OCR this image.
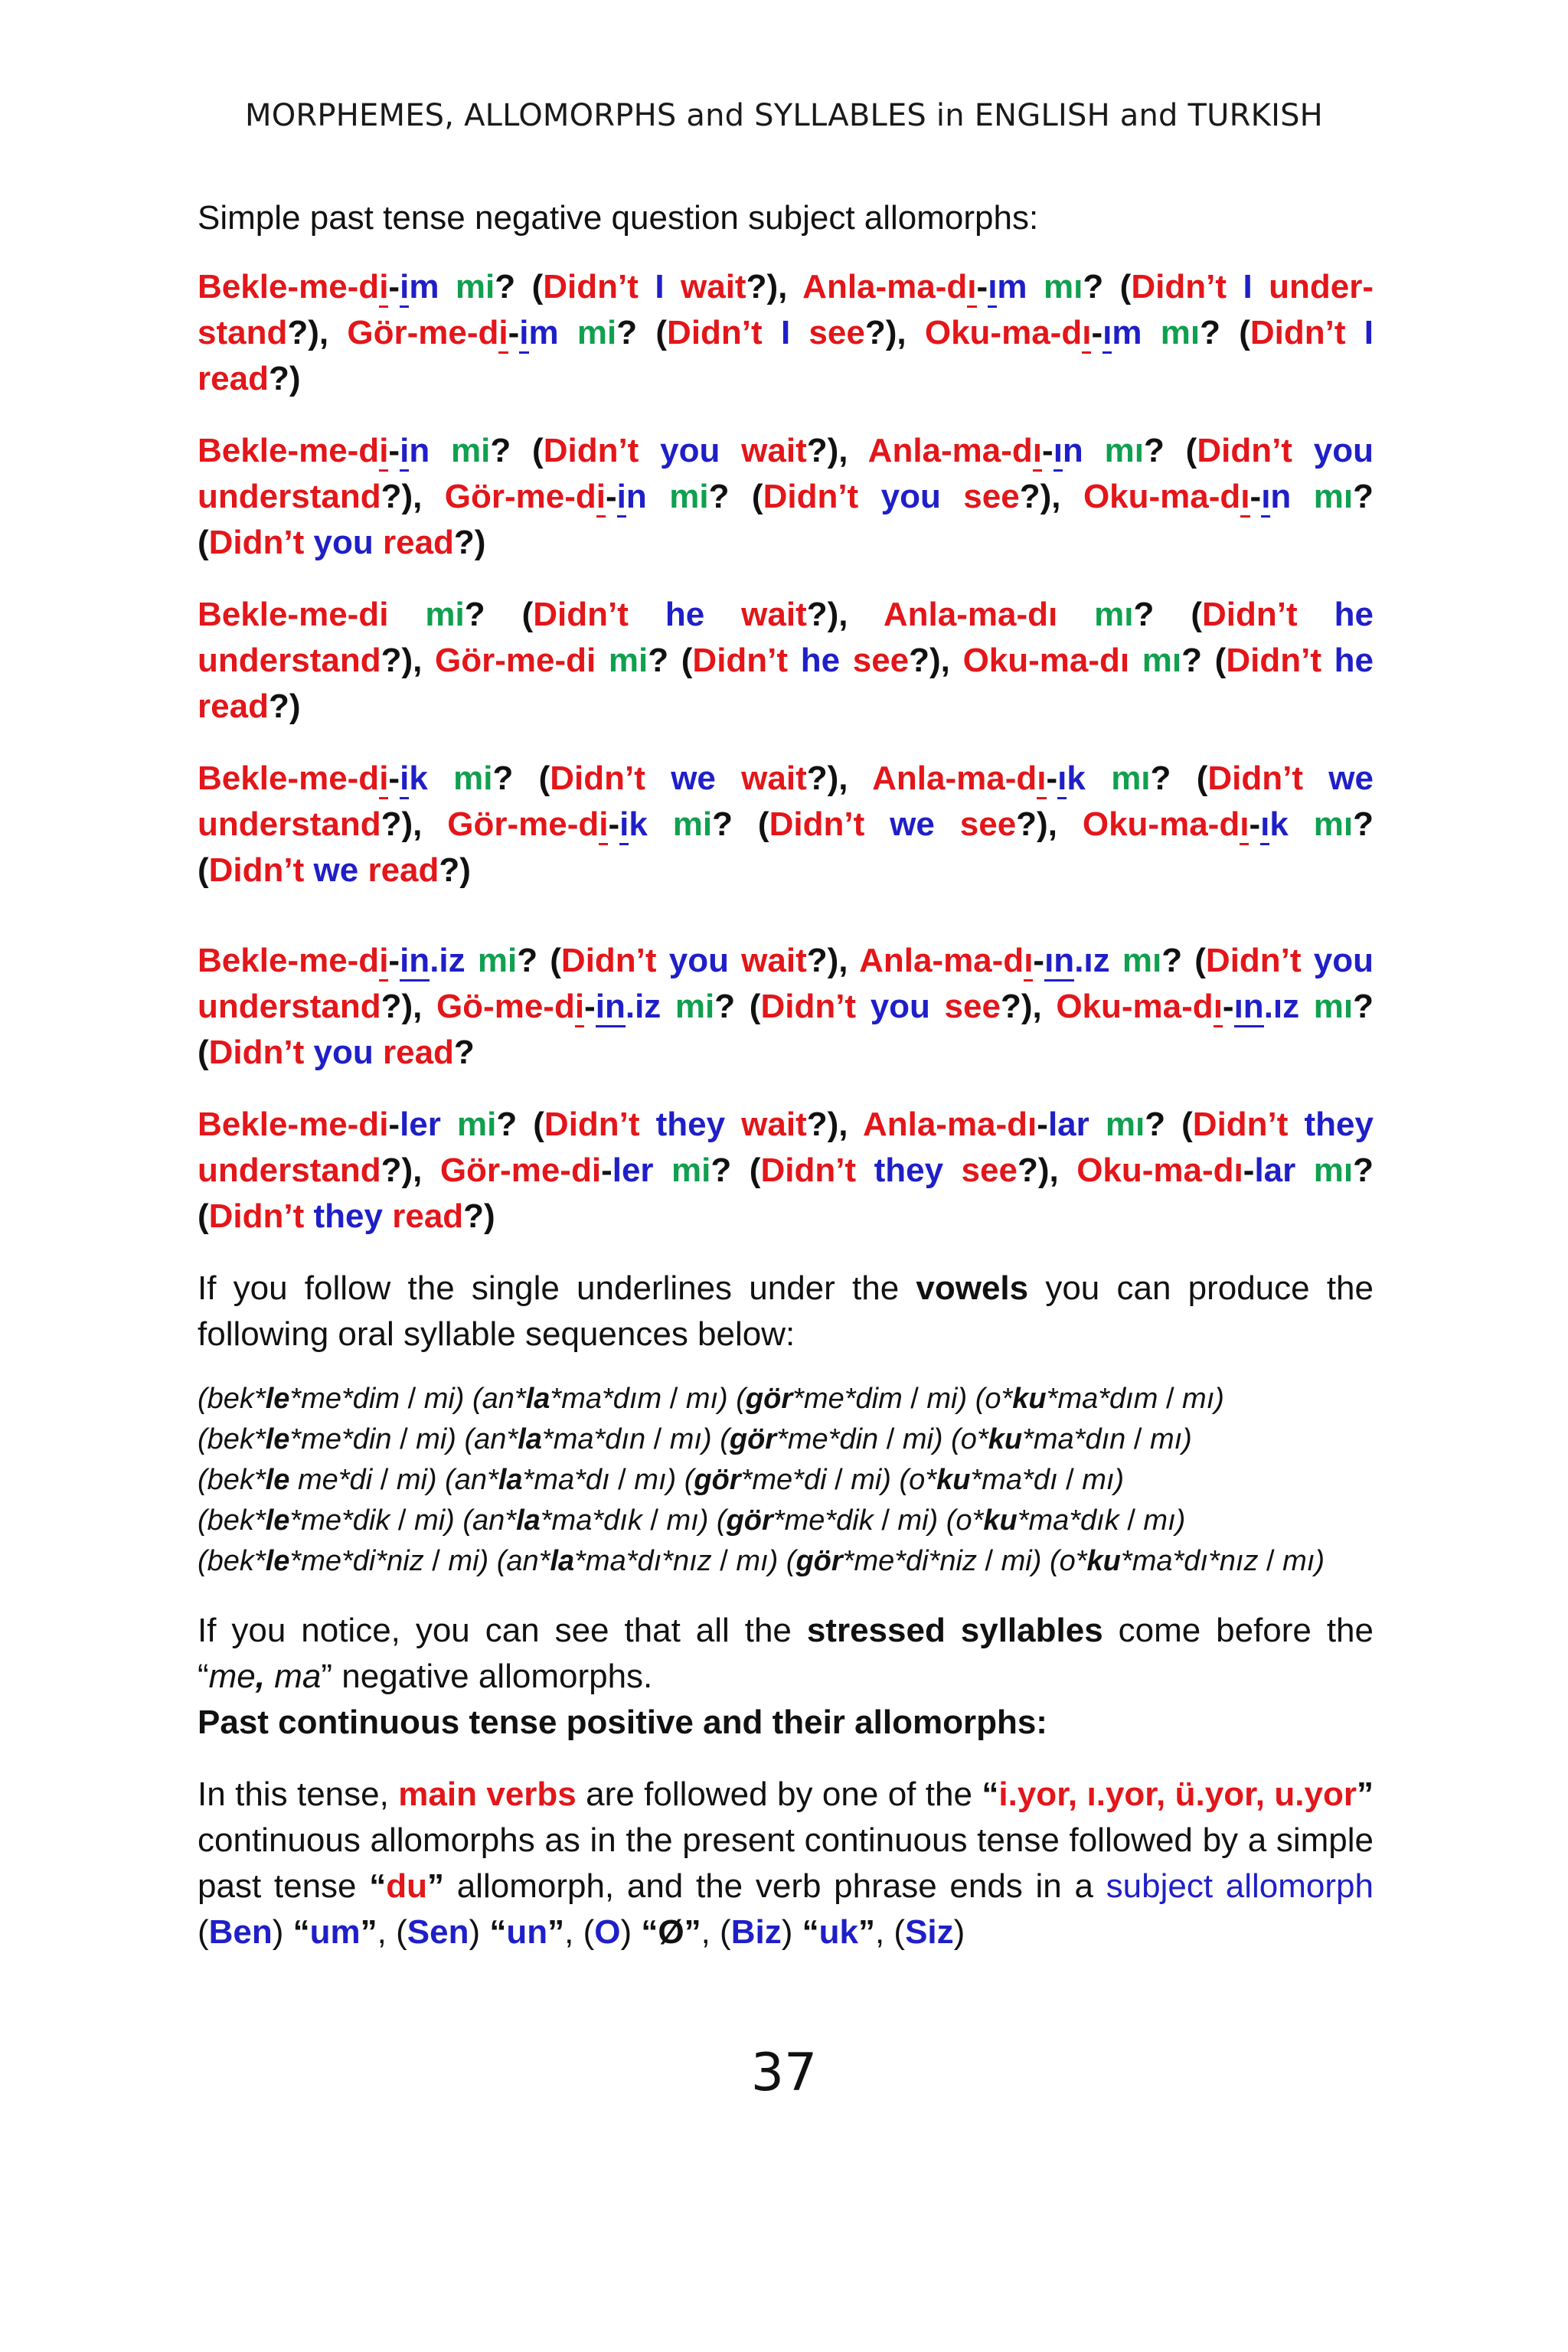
MORPHEMES, ALLOMORPHS and SYLLABLES in ENGLISH and TURKISH
Simple past tense negative question subject allomorphs:
Bekle-me-di-im mi? (Didn’t I wait?), Anla-ma-dı-ım mı? (Didn’t I understand?), Gör-me-di-im mi? (Didn’t I see?), Oku-ma-dı-ım mı? (Didn’t I read?)
Bekle-me-di-in mi? (Didn’t you wait?), Anla-ma-dı-ın mı? (Didn’t you understand?), Gör-me-di-in mi? (Didn’t you see?), Oku-ma-dı-ın mı? (Didn’t you read?)
Bekle-me-di mi? (Didn’t he wait?), Anla-ma-dı mı? (Didn’t he understand?), Gör-me-di mi? (Didn’t he see?), Oku-ma-dı mı? (Didn’t he read?)
Bekle-me-di-ik mi? (Didn’t we wait?), Anla-ma-dı-ık mı? (Didn’t we understand?), Gör-me-di-ik mi? (Didn’t we see?), Oku-ma-dı-ık mı? (Didn’t we read?)
Bekle-me-di-in.iz mi? (Didn’t you wait?), Anla-ma-dı-ın.ız mı? (Didn’t you understand?), Gö-me-di-in.iz mi? (Didn’t you see?), Oku-ma-dı-ın.ız mı? (Didn’t you read?
Bekle-me-di-ler mi? (Didn’t they wait?), Anla-ma-dı-lar mı? (Didn’t they understand?), Gör-me-di-ler mi? (Didn’t they see?), Oku-ma-dı-lar mı? (Didn’t they read?)
If you follow the single underlines under the vowels you can produce the following oral syllable sequences below:
(bek*le*me*dim / mi) (an*la*ma*dım / mı) (gör*me*dim / mi) (o*ku*ma*dım / mı)
(bek*le*me*din / mi) (an*la*ma*dın / mı) (gör*me*din / mi) (o*ku*ma*dın / mı)
(bek*le me*di / mi) (an*la*ma*dı / mı) (gör*me*di / mi) (o*ku*ma*dı / mı)
(bek*le*me*dik / mi) (an*la*ma*dık / mı) (gör*me*dik / mi) (o*ku*ma*dık / mı)
(bek*le*me*di*niz / mi) (an*la*ma*dı*nız / mı) (gör*me*di*niz / mi) (o*ku*ma*dı*nız / mı)
If you notice, you can see that all the stressed syllables come before the “me, ma” negative allomorphs.
Past continuous tense positive and their allomorphs:
In this tense, main verbs are followed by one of the “i.yor, ı.yor, ü.yor, u.yor” continuous allomorphs as in the present continuous tense followed by a simple past tense “du” allomorph, and the verb phrase ends in a subject allomorph (Ben) “um”, (Sen) “un”, (O) “Ø”, (Biz) “uk”, (Siz)
37
